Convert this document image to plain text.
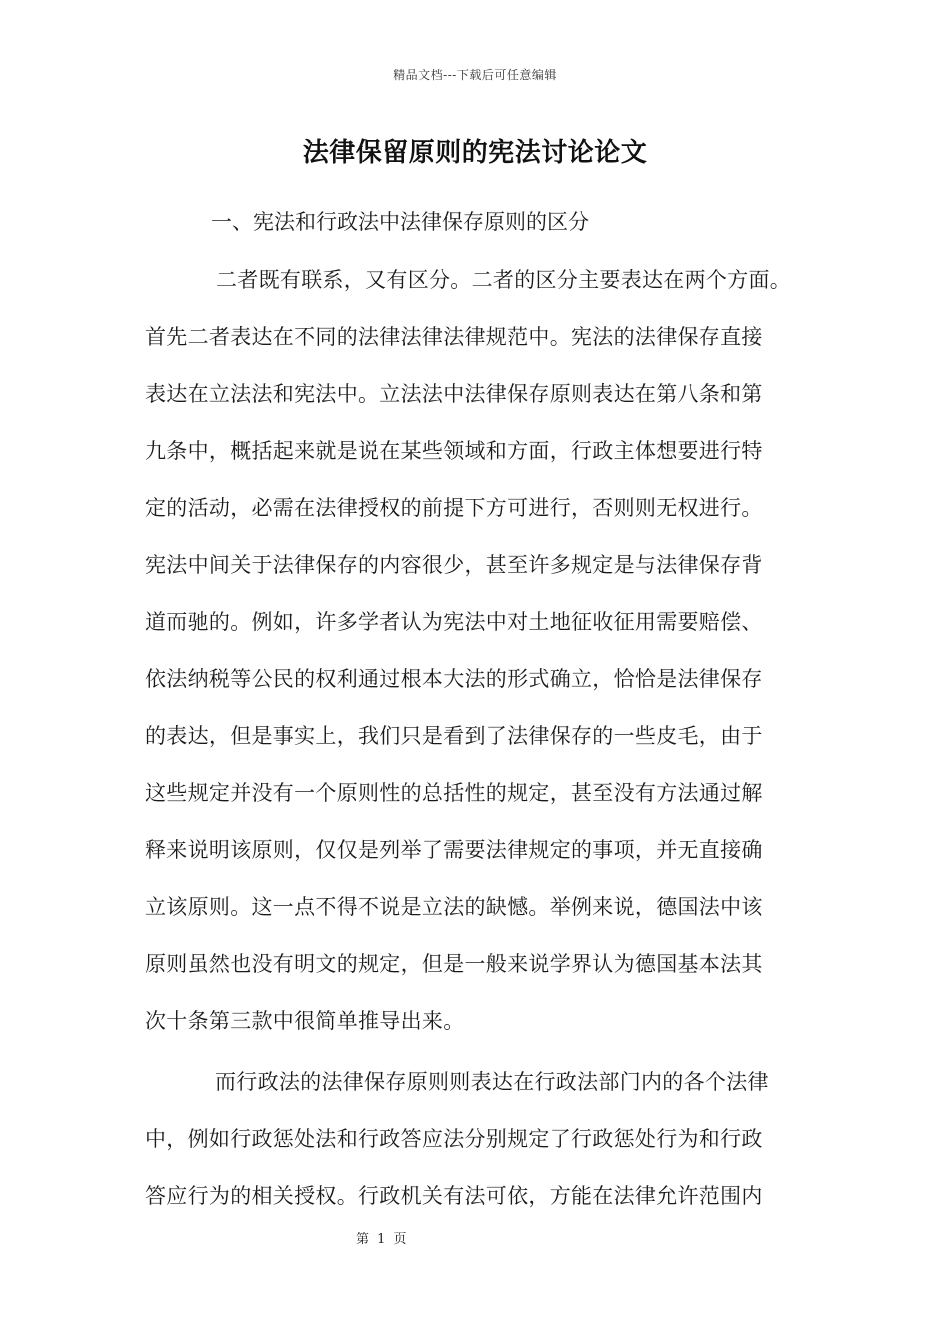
精品文档---下载后可任意编辑
法律保留原则的宪法讨论论文
一、宪法和行政法中法律保存原则的区分
二者既有联系，又有区分。二者的区分主要表达在两个方面。
首先二者表达在不同的法律法律法律规范中。宪法的法律保存直接
表达在立法法和宪法中。立法法中法律保存原则表达在第八条和第
九条中，概括起来就是说在某些领域和方面，行政主体想要进行特
定的活动，必需在法律授权的前提下方可进行，否则则无权进行。
宪法中间关于法律保存的内容很少，甚至许多规定是与法律保存背
道而驰的。例如，许多学者认为宪法中对土地征收征用需要赔偿、
依法纳税等公民的权利通过根本大法的形式确立，恰恰是法律保存
的表达，但是事实上，我们只是看到了法律保存的一些皮毛，由于
这些规定并没有一个原则性的总括性的规定，甚至没有方法通过解
释来说明该原则，仅仅是列举了需要法律规定的事项，并无直接确
立该原则。这一点不得不说是立法的缺憾。举例来说，德国法中该
原则虽然也没有明文的规定，但是一般来说学界认为德国基本法其
次十条第三款中很简单推导出来。
而行政法的法律保存原则则表达在行政法部门内的各个法律
中，例如行政惩处法和行政答应法分别规定了行政惩处行为和行政
答应行为的相关授权。行政机关有法可依，方能在法律允许范围内
第 1 页
